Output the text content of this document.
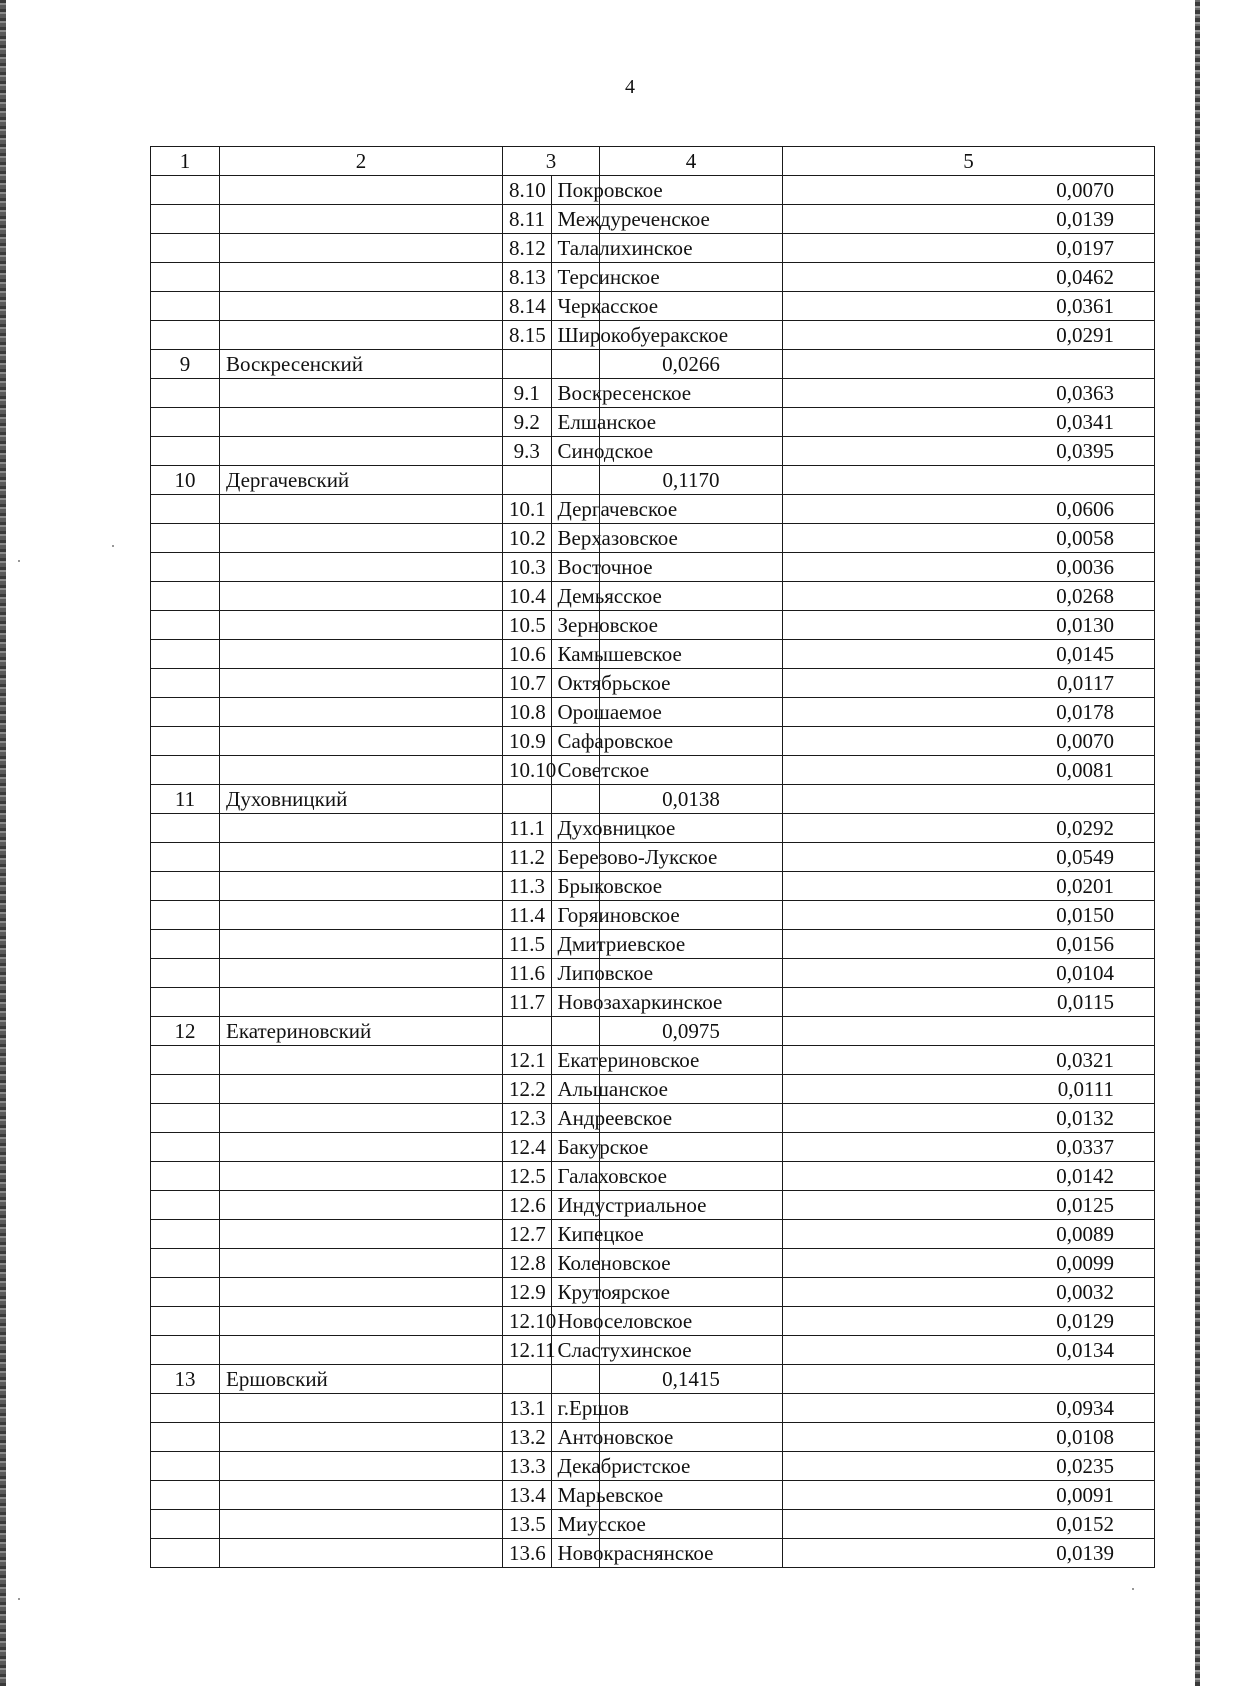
4
1	2	3		4	5
		8.10	Покровское		0,0070
		8.11	Междуреченское		0,0139
		8.12	Талалихинское		0,0197
		8.13	Терсинское		0,0462
		8.14	Черкасское		0,0361
		8.15	Широкобуеракское		0,0291
9	Воскресенский			0,0266	
		9.1	Воскресенское		0,0363
		9.2	Елшанское		0,0341
		9.3	Синодское		0,0395
10	Дергачевский			0,1170	
		10.1	Дергачевское		0,0606
		10.2	Верхазовское		0,0058
		10.3	Восточное		0,0036
		10.4	Демьясское		0,0268
		10.5	Зерновское		0,0130
		10.6	Камышевское		0,0145
		10.7	Октябрьское		0,0117
		10.8	Орошаемое		0,0178
		10.9	Сафаровское		0,0070
		10.10	Советское		0,0081
11	Духовницкий			0,0138	
		11.1	Духовницкое		0,0292
		11.2	Березово-Лукское		0,0549
		11.3	Брыковское		0,0201
		11.4	Горяиновское		0,0150
		11.5	Дмитриевское		0,0156
		11.6	Липовское		0,0104
		11.7	Новозахаркинское		0,0115
12	Екатериновский			0,0975	
		12.1	Екатериновское		0,0321
		12.2	Альшанское		0,0111
		12.3	Андреевское		0,0132
		12.4	Бакурское		0,0337
		12.5	Галаховское		0,0142
		12.6	Индустриальное		0,0125
		12.7	Кипецкое		0,0089
		12.8	Коленовское		0,0099
		12.9	Крутоярское		0,0032
		12.10	Новоселовское		0,0129
		12.11	Сластухинское		0,0134
13	Ершовский			0,1415	
		13.1	г.Ершов		0,0934
		13.2	Антоновское		0,0108
		13.3	Декабристское		0,0235
		13.4	Марьевское		0,0091
		13.5	Миусское		0,0152
		13.6	Новокраснянское		0,0139
